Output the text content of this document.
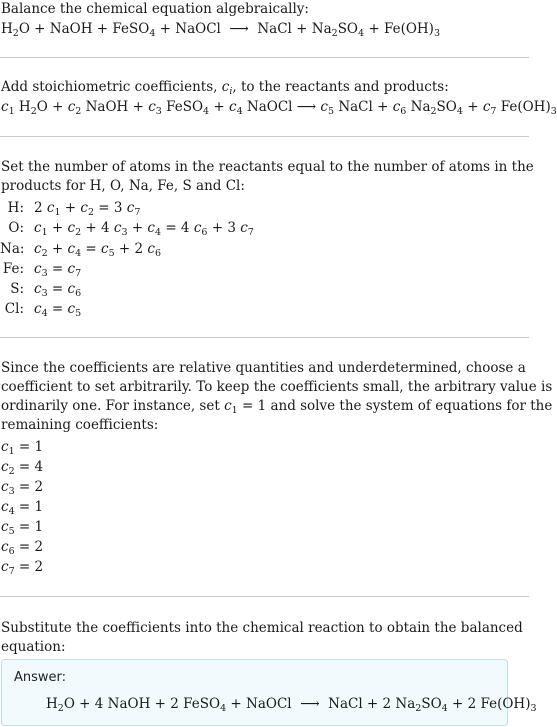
Balance the chemical equation algebraically:
$H_2O$ + NaOH + FeSO$_4$ + NaOCl  ⟶  NaCl + $Na_2SO_4 + Fe(OH)_3$
Add stoichiometric coefficients, $c_i$, to the reactants and products:
$c_1$ $H_2O + c_2$ NaOH + $c_3$ FeSO$_4$ + $c_4$ NaOCl ⟶ $c_5$ NaCl + $c_6$ $Na_2SO_4 + c_7$ $Fe(OH)_3$
Set the number of atoms in the reactants equal to the number of atoms in the
products for H, O, Na, Fe, S and Cl:
H: 2 $c_1 + c_2 = 3$ $c_7$
O: $c_1 + c_2 + 4$ $c_3 + c_4 = 4$ $c_6 + 3$ $c_7$
Na: $c_2 + c_4 = c_5 + 2$ $c_6$
Fe: $c_3 = c_7$
S: $c_3 = c_6$
Cl: $c_4 = c_5$
Since the coefficients are relative quantities and underdetermined, choose a
coefficient to set arbitrarily. To keep the coefficients small, the arbitrary value is
ordinarily one. For instance, set $c_1 = 1$ and solve the system of equations for the
remaining coefficients:
$c_1 = 1$
$c_2 = 4$
$c_3 = 2$
$c_4 = 1$
$c_5 = 1$
$c_6 = 2$
$c_7 = 2$
Substitute the coefficients into the chemical reaction to obtain the balanced
equation:
Answer:
$H_2O + 4$ NaOH + 2 FeSO$_4$ + NaOCl  ⟶  NaCl + 2 $Na_2SO_4 + 2$ $Fe(OH)_3$
